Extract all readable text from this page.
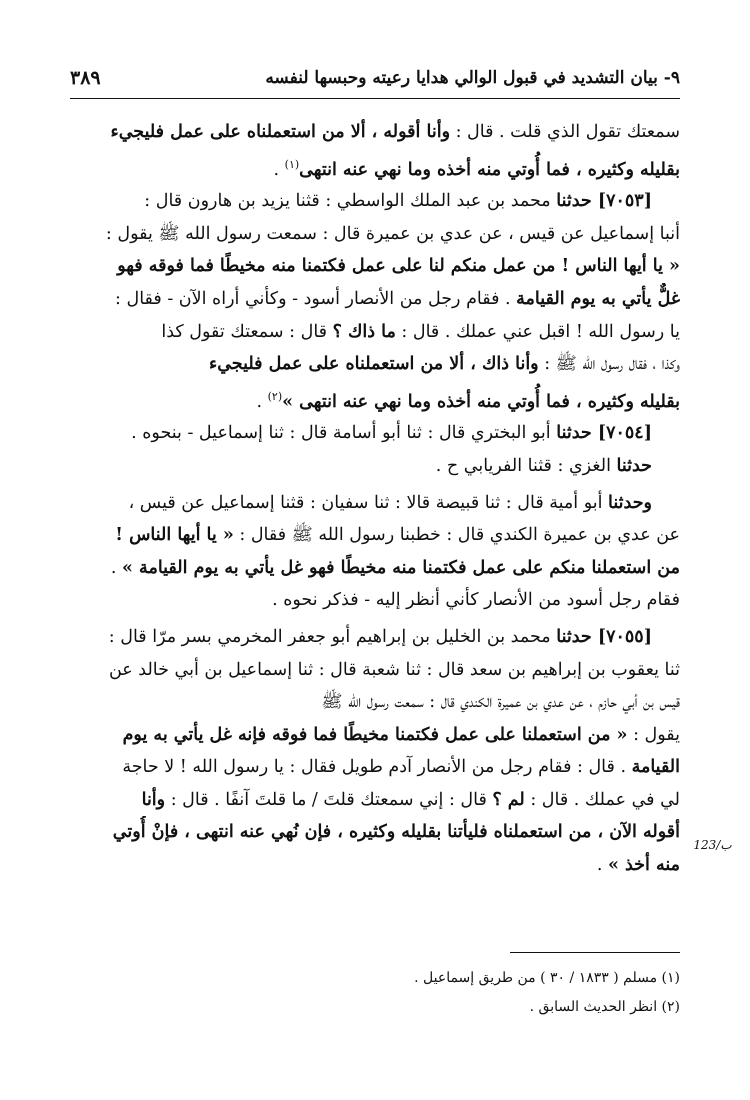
٣٨٩	٩- بيان التشديد في قبول الوالي هدايا رعيته وحبسها لنفسه
سمعتك تقول الذي قلت . قال : وأنا أقوله ، ألا من استعملناه على عمل فليجيء
بقليله وكثيره ، فما أُوتي منه أخذه وما نهي عنه انتهى$^{(١)}$ .
[٧٠٥٣] حدثنا محمد بن عبد الملك الواسطي : قثنا يزيد بن هارون قال :
أنبا إسماعيل عن قيس ، عن عدي بن عميرة قال : سمعت رسول الله ﷺ يقول :
« يا أيها الناس ! من عمل منكم لنا على عمل فكتمنا منه مخيطًا فما فوقه فهو
غلٌّ يأتي به يوم القيامة . فقام رجل من الأنصار أسود - وكأني أراه الآن - فقال :
يا رسول الله ! اقبل عني عملك . قال : ما ذاك ؟ قال : سمعتك تقول كذا
وكذا ، فقال رسول الله ﷺ : وأنا ذاك ، ألا من استعملناه على عمل فليجيء
بقليله وكثيره ، فما أُوتي منه أخذه وما نهي عنه انتهى »$^{(٢)}$ .
[٧٠٥٤] حدثنا أبو البختري قال : ثنا أبو أسامة قال : ثنا إسماعيل - بنحوه .
حدثنا الغزي : قثنا الفريابي ح .
وحدثنا أبو أمية قال : ثنا قبيصة قالا : ثنا سفيان : قثنا إسماعيل عن قيس ،
عن عدي بن عميرة الكندي قال : خطبنا رسول الله ﷺ فقال : « يا أيها الناس !
من استعملنا منكم على عمل فكتمنا منه مخيطًا فهو غل يأتي به يوم القيامة » .
فقام رجل أسود من الأنصار كأني أنظر إليه - فذكر نحوه .
[٧٠٥٥] حدثنا محمد بن الخليل بن إبراهيم أبو جعفر المخرمي بسر مرّا قال :
ثنا يعقوب بن إبراهيم بن سعد قال : ثنا شعبة قال : ثنا إسماعيل بن أبي خالد عن
قيس بن أبي حازم ، عن عدي بن عميرة الكندي قال : سمعت رسول الله ﷺ
يقول : « من استعملنا على عمل فكتمنا مخيطًا فما فوقه فإنه غل يأتي به يوم
القيامة . قال : فقام رجل من الأنصار آدم طويل فقال : يا رسول الله ! لا حاجة
لي في عملك . قال : لم ؟ قال : إني سمعتك قلتَ / ما قلتَ آنفًا . قال : وأنا
أقوله الآن ، من استعملناه فليأتنا بقليله وكثيره ، فإن نُهي عنه انتهى ، فإنْ أُوتي
منه أخذ » .
123/ب
(١) مسلم ( ١٨٣٣ / ٣٠ ) من طريق إسماعيل .
(٢) انظر الحديث السابق .
